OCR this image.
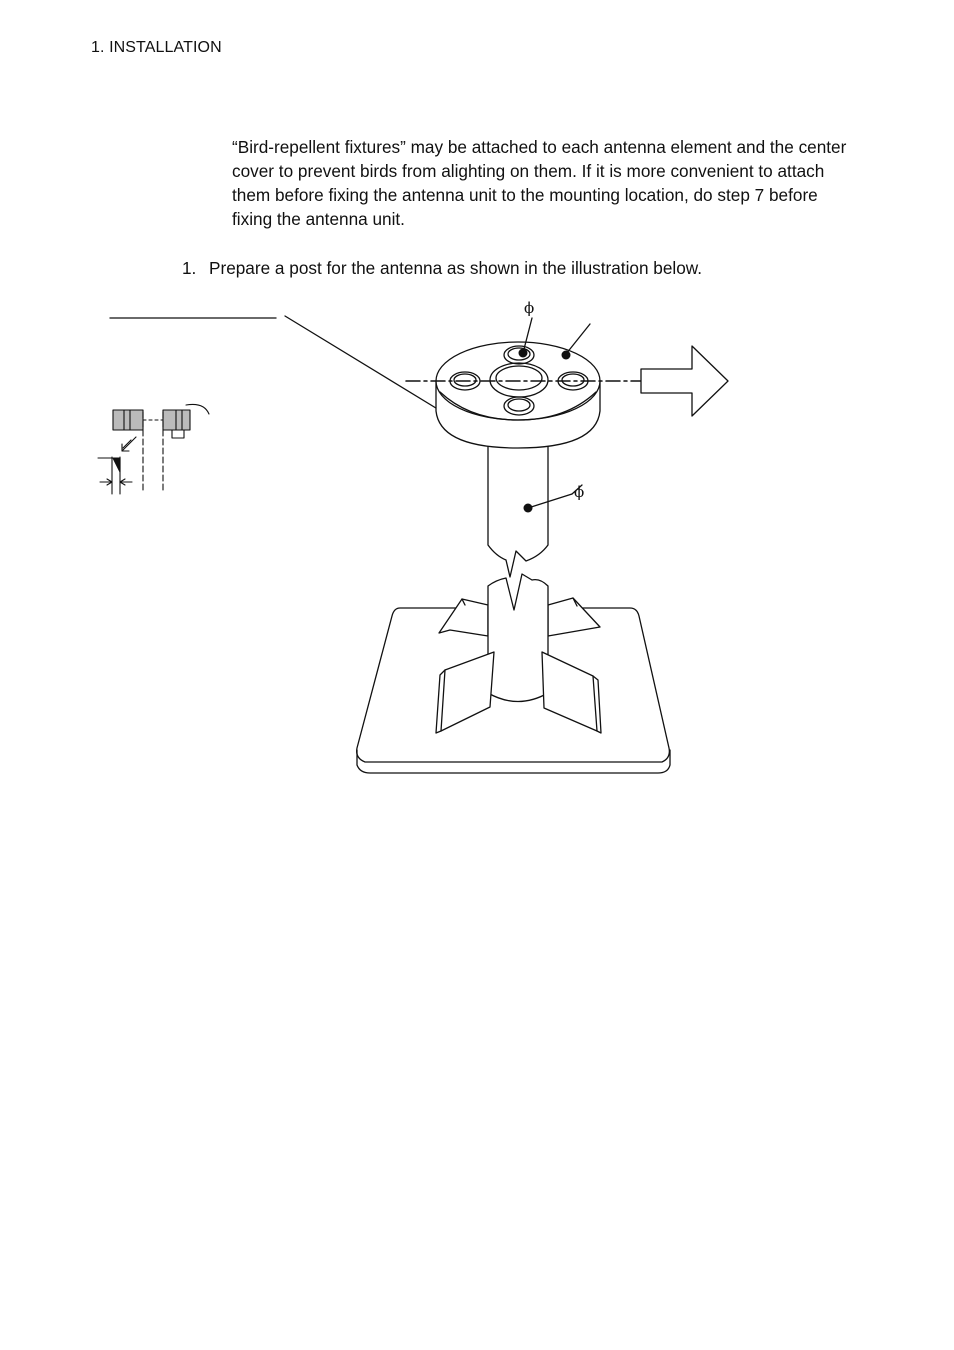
1. INSTALLATION
“Bird-repellent fixtures” may be attached to each antenna element and the center cover to prevent birds from alighting on them. If it is more convenient to attach them before fixing the antenna unit to the mounting location, do step 7 before fixing the antenna unit.
1. Prepare a post for the antenna as shown in the illustration below.
ϕ
ϕ
